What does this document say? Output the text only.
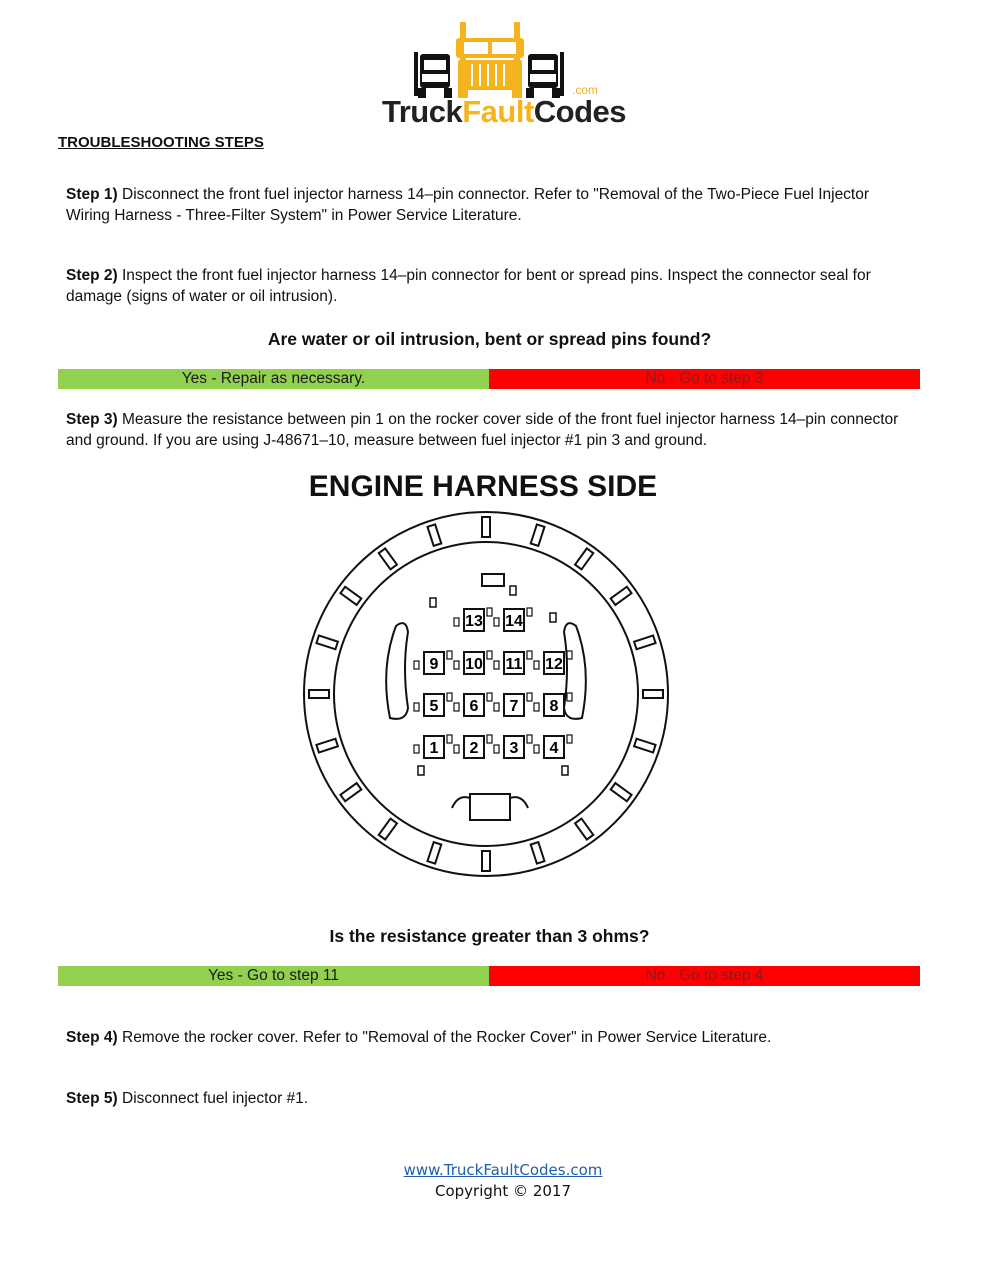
TruckFaultCodes
.com
TROUBLESHOOTING STEPS
Step 1) Disconnect the front fuel injector harness 14–pin connector. Refer to "Removal of the Two-Piece Fuel Injector Wiring Harness - Three-Filter System" in Power Service Literature.
Step 2) Inspect the front fuel injector harness 14–pin connector for bent or spread pins. Inspect the connector seal for damage (signs of water or oil intrusion).
Are water or oil intrusion, bent or spread pins found?
Yes - Repair as necessary.	No - Go to step 3
Step 3) Measure the resistance between pin 1 on the rocker cover side of the front fuel injector harness 14–pin connector and ground. If you are using J-48671–10, measure between fuel injector #1 pin 3 and ground.
ENGINE HARNESS SIDE
13 14
9 10 11 12
5 6 7 8
1 2 3 4
Is the resistance greater than 3 ohms?
Yes - Go to step 11	No - Go to step 4
Step 4) Remove the rocker cover. Refer to "Removal of the Rocker Cover" in Power Service Literature.
Step 5) Disconnect fuel injector #1.
www.TruckFaultCodes.com
Copyright © 2017
